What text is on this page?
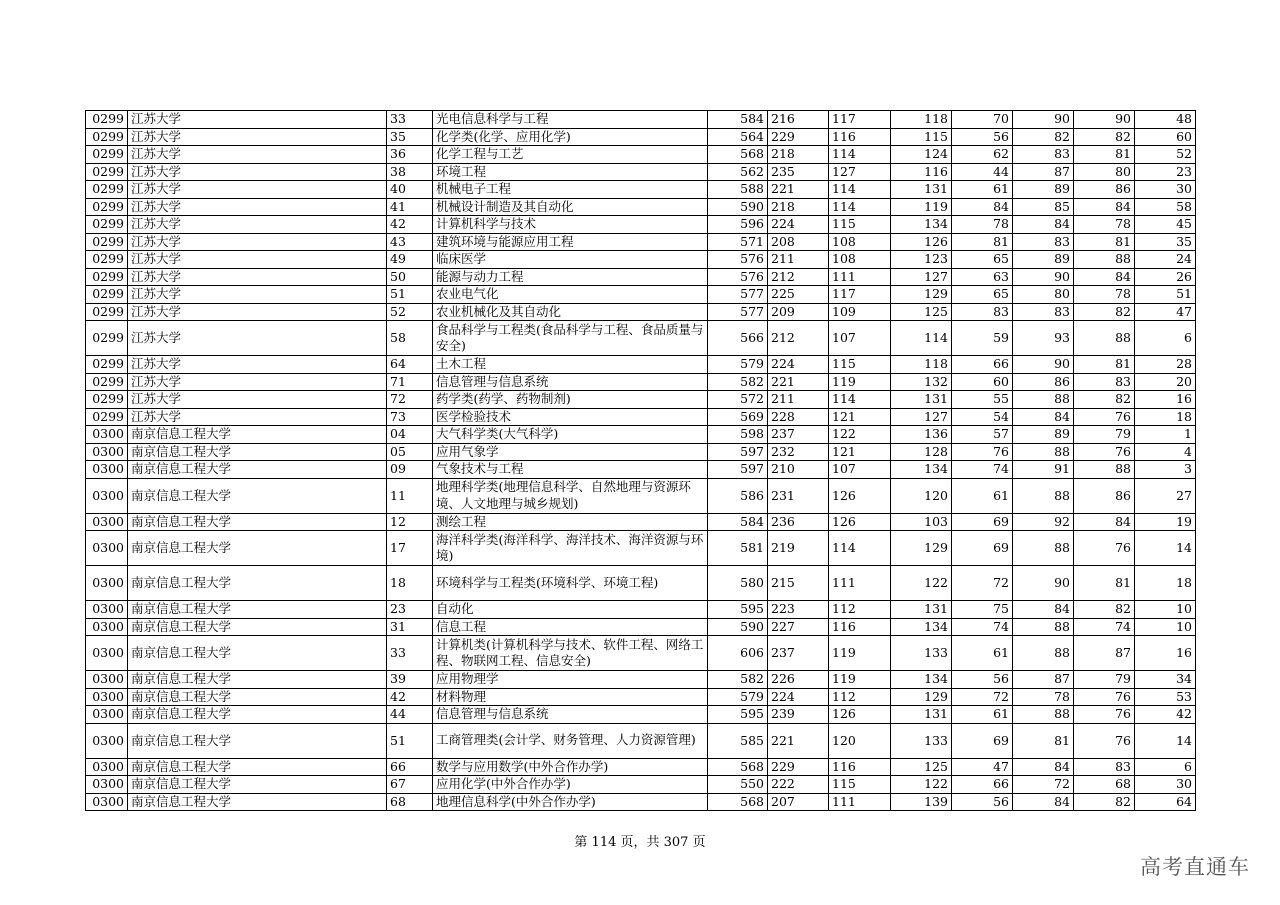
0299	江苏大学	33	光电信息科学与工程	584	216	117	118	70	90	90	48
0299	江苏大学	35	化学类(化学、应用化学)	564	229	116	115	56	82	82	60
0299	江苏大学	36	化学工程与工艺	568	218	114	124	62	83	81	52
0299	江苏大学	38	环境工程	562	235	127	116	44	87	80	23
0299	江苏大学	40	机械电子工程	588	221	114	131	61	89	86	30
0299	江苏大学	41	机械设计制造及其自动化	590	218	114	119	84	85	84	58
0299	江苏大学	42	计算机科学与技术	596	224	115	134	78	84	78	45
0299	江苏大学	43	建筑环境与能源应用工程	571	208	108	126	81	83	81	35
0299	江苏大学	49	临床医学	576	211	108	123	65	89	88	24
0299	江苏大学	50	能源与动力工程	576	212	111	127	63	90	84	26
0299	江苏大学	51	农业电气化	577	225	117	129	65	80	78	51
0299	江苏大学	52	农业机械化及其自动化	577	209	109	125	83	83	82	47
0299	江苏大学	58	食品科学与工程类(食品科学与工程、食品质量与安全)	566	212	107	114	59	93	88	6
0299	江苏大学	64	土木工程	579	224	115	118	66	90	81	28
0299	江苏大学	71	信息管理与信息系统	582	221	119	132	60	86	83	20
0299	江苏大学	72	药学类(药学、药物制剂)	572	211	114	131	55	88	82	16
0299	江苏大学	73	医学检验技术	569	228	121	127	54	84	76	18
0300	南京信息工程大学	04	大气科学类(大气科学)	598	237	122	136	57	89	79	1
0300	南京信息工程大学	05	应用气象学	597	232	121	128	76	88	76	4
0300	南京信息工程大学	09	气象技术与工程	597	210	107	134	74	91	88	3
0300	南京信息工程大学	11	地理科学类(地理信息科学、自然地理与资源环境、人文地理与城乡规划)	586	231	126	120	61	88	86	27
0300	南京信息工程大学	12	测绘工程	584	236	126	103	69	92	84	19
0300	南京信息工程大学	17	海洋科学类(海洋科学、海洋技术、海洋资源与环境)	581	219	114	129	69	88	76	14
0300	南京信息工程大学	18	环境科学与工程类(环境科学、环境工程)	580	215	111	122	72	90	81	18
0300	南京信息工程大学	23	自动化	595	223	112	131	75	84	82	10
0300	南京信息工程大学	31	信息工程	590	227	116	134	74	88	74	10
0300	南京信息工程大学	33	计算机类(计算机科学与技术、软件工程、网络工程、物联网工程、信息安全)	606	237	119	133	61	88	87	16
0300	南京信息工程大学	39	应用物理学	582	226	119	134	56	87	79	34
0300	南京信息工程大学	42	材料物理	579	224	112	129	72	78	76	53
0300	南京信息工程大学	44	信息管理与信息系统	595	239	126	131	61	88	76	42
0300	南京信息工程大学	51	工商管理类(会计学、财务管理、人力资源管理)	585	221	120	133	69	81	76	14
0300	南京信息工程大学	66	数学与应用数学(中外合作办学)	568	229	116	125	47	84	83	6
0300	南京信息工程大学	67	应用化学(中外合作办学)	550	222	115	122	66	72	68	30
0300	南京信息工程大学	68	地理信息科学(中外合作办学)	568	207	111	139	56	84	82	64
第 114 页，共 307 页
高考直通车
